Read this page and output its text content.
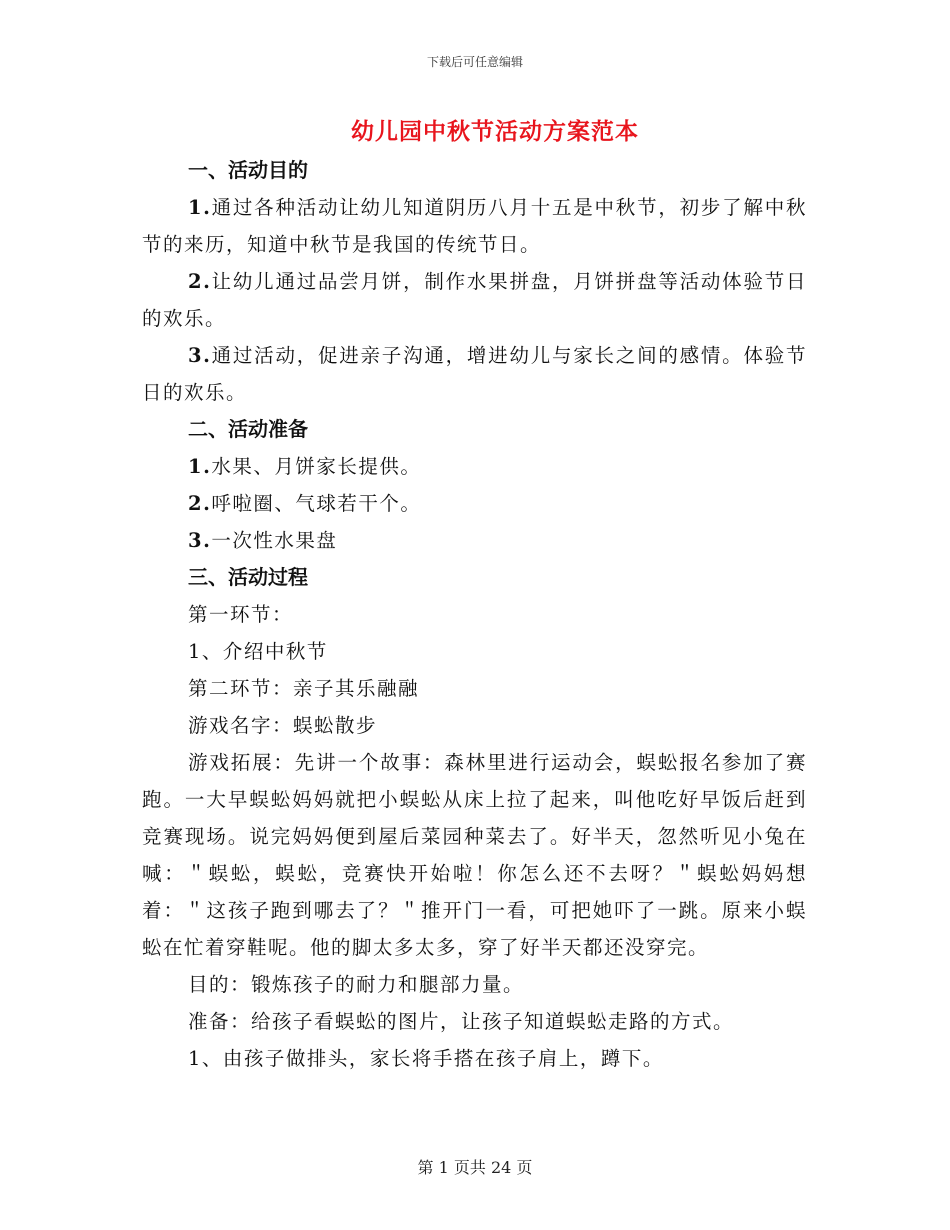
下载后可任意编辑
幼儿园中秋节活动方案范本

一、活动目的

1.通过各种活动让幼儿知道阴历八月十五是中秋节，初步了解中秋节的来历，知道中秋节是我国的传统节日。

2.让幼儿通过品尝月饼，制作水果拼盘，月饼拼盘等活动体验节日的欢乐。

3.通过活动，促进亲子沟通，增进幼儿与家长之间的感情。体验节日的欢乐。

二、活动准备

1.水果、月饼家长提供。

2.呼啦圈、气球若干个。

3.一次性水果盘

三、活动过程

第一环节：

1、介绍中秋节

第二环节：亲子其乐融融

游戏名字：蜈蚣散步

游戏拓展：先讲一个故事：森林里进行运动会，蜈蚣报名参加了赛跑。一大早蜈蚣妈妈就把小蜈蚣从床上拉了起来，叫他吃好早饭后赶到竞赛现场。说完妈妈便到屋后菜园种菜去了。好半天，忽然听见小兔在喊：＂蜈蚣，蜈蚣，竞赛快开始啦！你怎么还不去呀？＂蜈蚣妈妈想着：＂这孩子跑到哪去了？＂推开门一看，可把她吓了一跳。原来小蜈蚣在忙着穿鞋呢。他的脚太多太多，穿了好半天都还没穿完。

目的：锻炼孩子的耐力和腿部力量。

准备：给孩子看蜈蚣的图片，让孩子知道蜈蚣走路的方式。

1、由孩子做排头，家长将手搭在孩子肩上，蹲下。

第 1 页共 24 页
